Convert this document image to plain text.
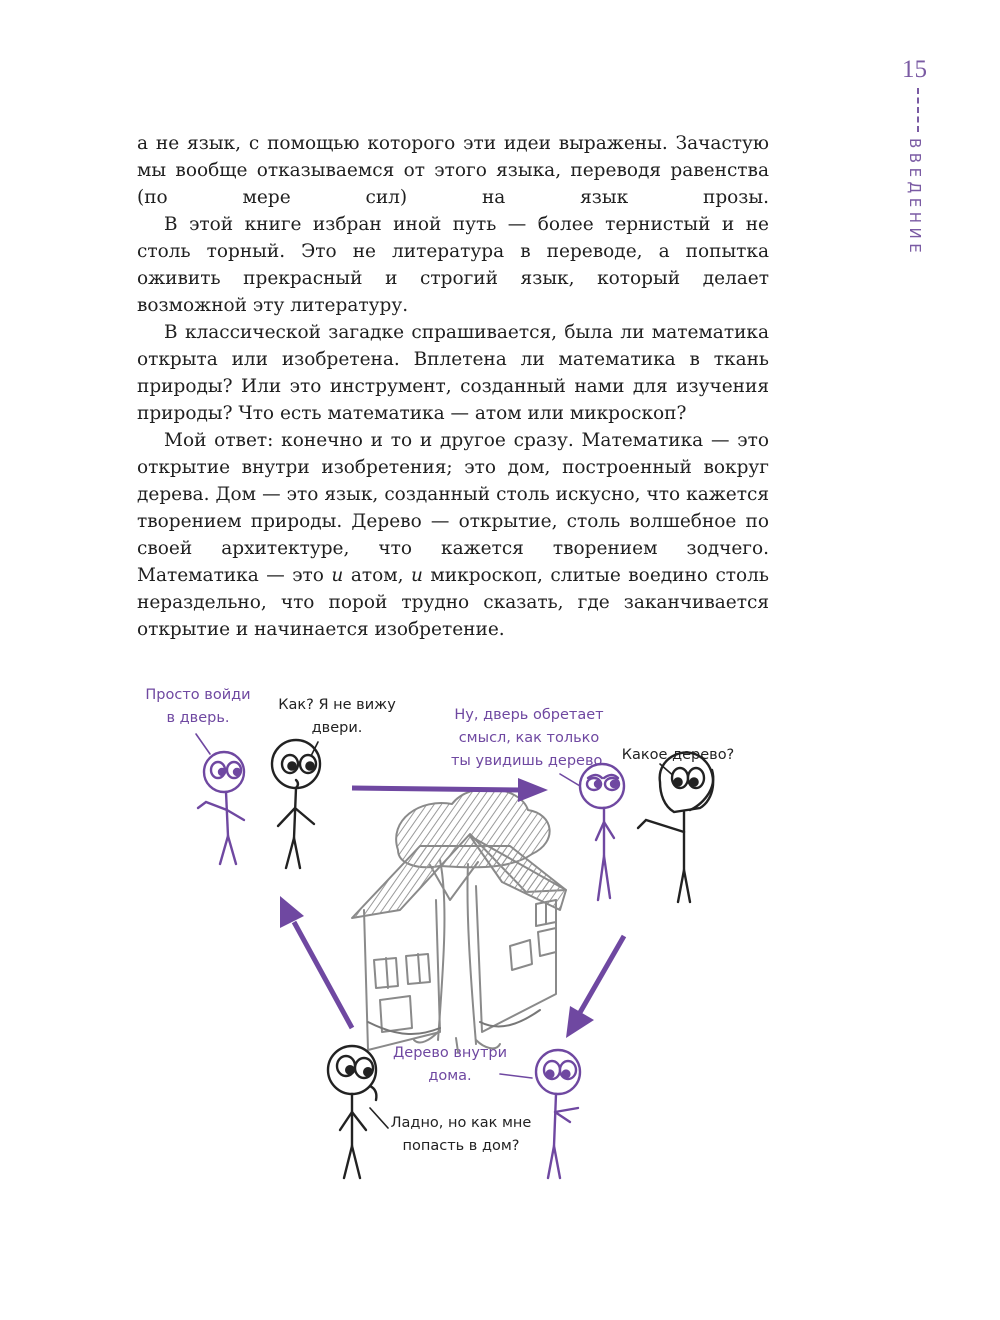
15
ВВЕДЕНИЕ

а не язык, с помощью которого эти идеи выражены. Зачастую мы вообще отказываемся от этого языка, переводя равенства (по мере сил) на язык прозы.

В этой книге избран иной путь — более тернистый и не столь торный. Это не литература в переводе, а попытка оживить прекрасный и строгий язык, который делает возможной эту литературу.

В классической загадке спрашивается, была ли математика открыта или изобретена. Вплетена ли математика в ткань природы? Или это инструмент, созданный нами для изучения природы? Что есть математика — атом или микроскоп?

Мой ответ: конечно и то и другое сразу. Математика — это открытие внутри изобретения; это дом, построенный вокруг дерева. Дом — это язык, созданный столь искусно, что кажется творением природы. Дерево — открытие, столь волшебное по своей архитектуре, что кажется творением зодчего. Математика — это и атом, и микроскоп, слитые воедино столь нераздельно, что порой трудно сказать, где заканчивается открытие и начинается изобретение.

Просто войди
в дверь.
Как? Я не вижу
двери.
Ну, дверь обретает
смысл, как только
ты увидишь дерево.	Какое дерево?
Дерево внутри
дома.
Ладно, но как мне
попасть в дом?
